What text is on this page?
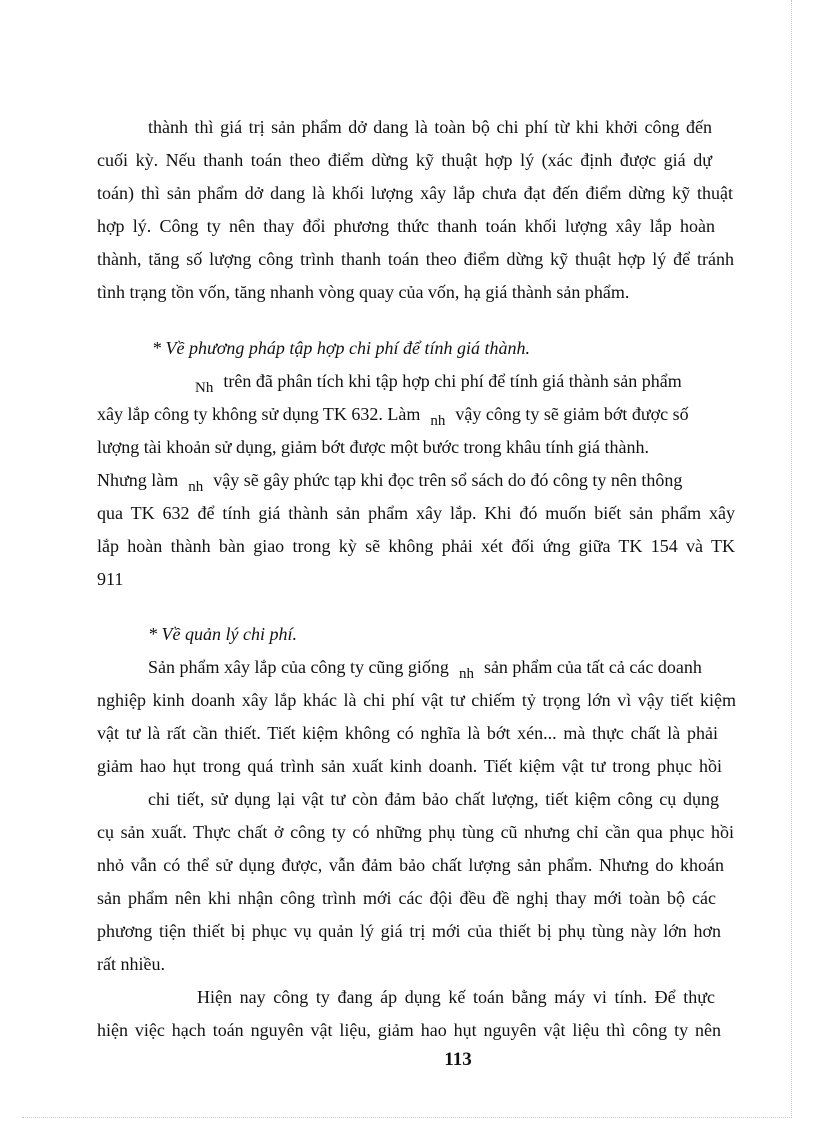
thành thì giá trị sản phẩm dở dang là toàn bộ chi phí từ khi khởi công đến
cuối kỳ. Nếu thanh toán theo điểm dừng kỹ thuật hợp lý (xác định được giá dự
toán) thì sản phẩm dở dang là khối lượng xây lắp chưa đạt đến điểm dừng kỹ thuật
hợp lý. Công ty nên thay đổi phương thức thanh toán khối lượng xây lắp hoàn
thành, tăng số lượng công trình thanh toán theo điểm dừng kỹ thuật hợp lý để tránh
tình trạng tồn vốn, tăng nhanh vòng quay của vốn, hạ giá thành sản phẩm.
* Về phương pháp tập hợp chi phí để tính giá thành.
Nh trên đã phân tích khi tập hợp chi phí để tính giá thành sản phẩm
xây lắp công ty không sử dụng TK 632. Làm nh vậy công ty sẽ giảm bớt được số
lượng tài khoản sử dụng, giảm bớt được một bước trong khâu tính giá thành.
Nhưng làm nh vậy sẽ gây phức tạp khi đọc trên sổ sách do đó công ty nên thông
qua TK 632 để tính giá thành sản phẩm xây lắp. Khi đó muốn biết sản phẩm xây
lắp hoàn thành bàn giao trong kỳ sẽ không phải xét đối ứng giữa TK 154 và TK
911
* Về quản lý chi phí.
Sản phẩm xây lắp của công ty cũng giống nh sản phẩm của tất cả các doanh
nghiệp kinh doanh xây lắp khác là chi phí vật tư chiếm tỷ trọng lớn vì vậy tiết kiệm
vật tư là rất cần thiết. Tiết kiệm không có nghĩa là bớt xén... mà thực chất là phải
giảm hao hụt trong quá trình sản xuất kinh doanh. Tiết kiệm vật tư trong phục hồi
chi tiết, sử dụng lại vật tư còn đảm bảo chất lượng, tiết kiệm công cụ dụng
cụ sản xuất. Thực chất ở công ty có những phụ tùng cũ nhưng chỉ cần qua phục hồi
nhỏ vẫn có thể sử dụng được, vẫn đảm bảo chất lượng sản phẩm. Nhưng do khoán
sản phẩm nên khi nhận công trình mới các đội đều đề nghị thay mới toàn bộ các
phương tiện thiết bị phục vụ quản lý giá trị mới của thiết bị phụ tùng này lớn hơn
rất nhiều.
Hiện nay công ty đang áp dụng kế toán bằng máy vi tính. Để thực
hiện việc hạch toán nguyên vật liệu, giảm hao hụt nguyên vật liệu thì công ty nên
113
